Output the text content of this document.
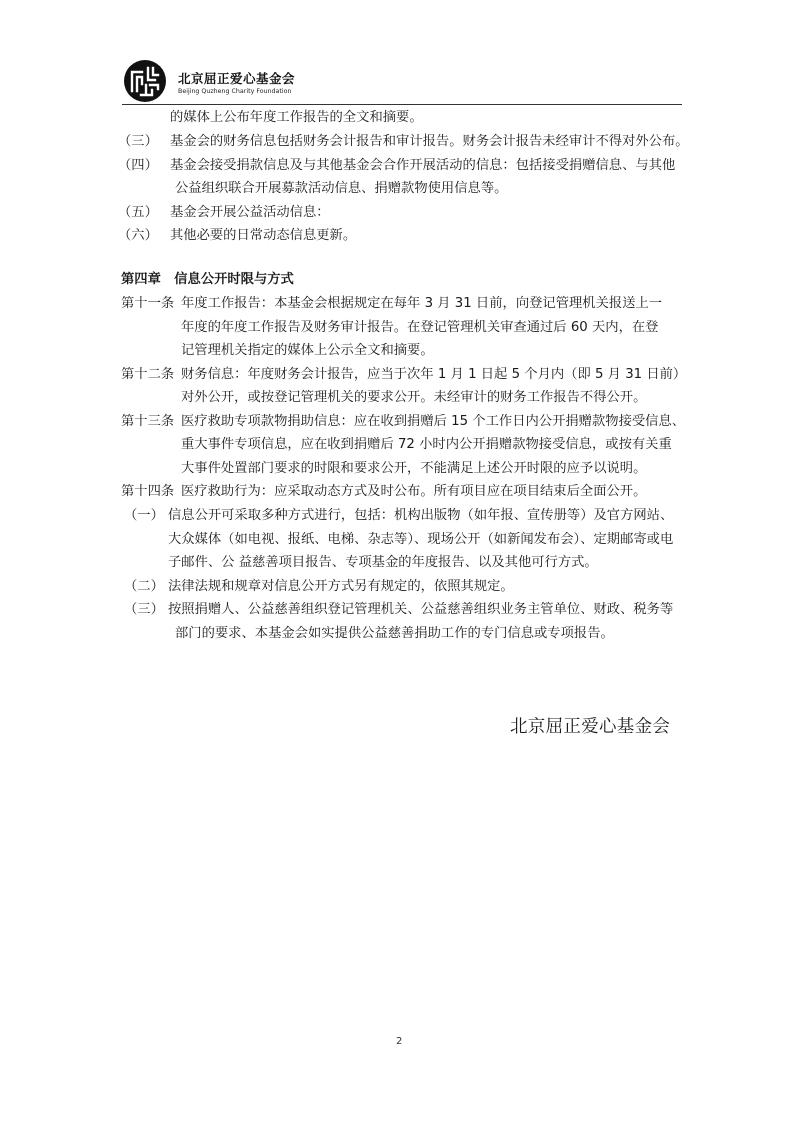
北京屈正爱心基金会
Beijing Quzheng Charity Foundation
的媒体上公布年度工作报告的全文和摘要。
（三） 基金会的财务信息包括财务会计报告和审计报告。财务会计报告未经审计不得对外公布。
（四） 基金会接受捐款信息及与其他基金会合作开展活动的信息：包括接受捐赠信息、与其他
公益组织联合开展募款活动信息、捐赠款物使用信息等。
（五） 基金会开展公益活动信息：
（六） 其他必要的日常动态信息更新。
第四章　信息公开时限与方式
第十一条 年度工作报告：本基金会根据规定在每年 3 月 31 日前，向登记管理机关报送上一
年度的年度工作报告及财务审计报告。在登记管理机关审查通过后 60 天内，在登
记管理机关指定的媒体上公示全文和摘要。
第十二条 财务信息：年度财务会计报告，应当于次年 1 月 1 日起 5 个月内（即 5 月 31 日前）
对外公开，或按登记管理机关的要求公开。未经审计的财务工作报告不得公开。
第十三条 医疗救助专项款物捐助信息：应在收到捐赠后 15 个工作日内公开捐赠款物接受信息、
重大事件专项信息，应在收到捐赠后 72 小时内公开捐赠款物接受信息，或按有关重
大事件处置部门要求的时限和要求公开，不能满足上述公开时限的应予以说明。
第十四条 医疗救助行为：应采取动态方式及时公布。所有项目应在项目结束后全面公开。
（一） 信息公开可采取多种方式进行，包括：机构出版物（如年报、宣传册等）及官方网站、
大众媒体（如电视、报纸、电梯、杂志等）、现场公开（如新闻发布会）、定期邮寄或电
子邮件、公 益慈善项目报告、专项基金的年度报告、以及其他可行方式。
（二） 法律法规和规章对信息公开方式另有规定的，依照其规定。
（三） 按照捐赠人、公益慈善组织登记管理机关、公益慈善组织业务主管单位、财政、税务等
部门的要求、本基金会如实提供公益慈善捐助工作的专门信息或专项报告。
北京屈正爱心基金会
2
